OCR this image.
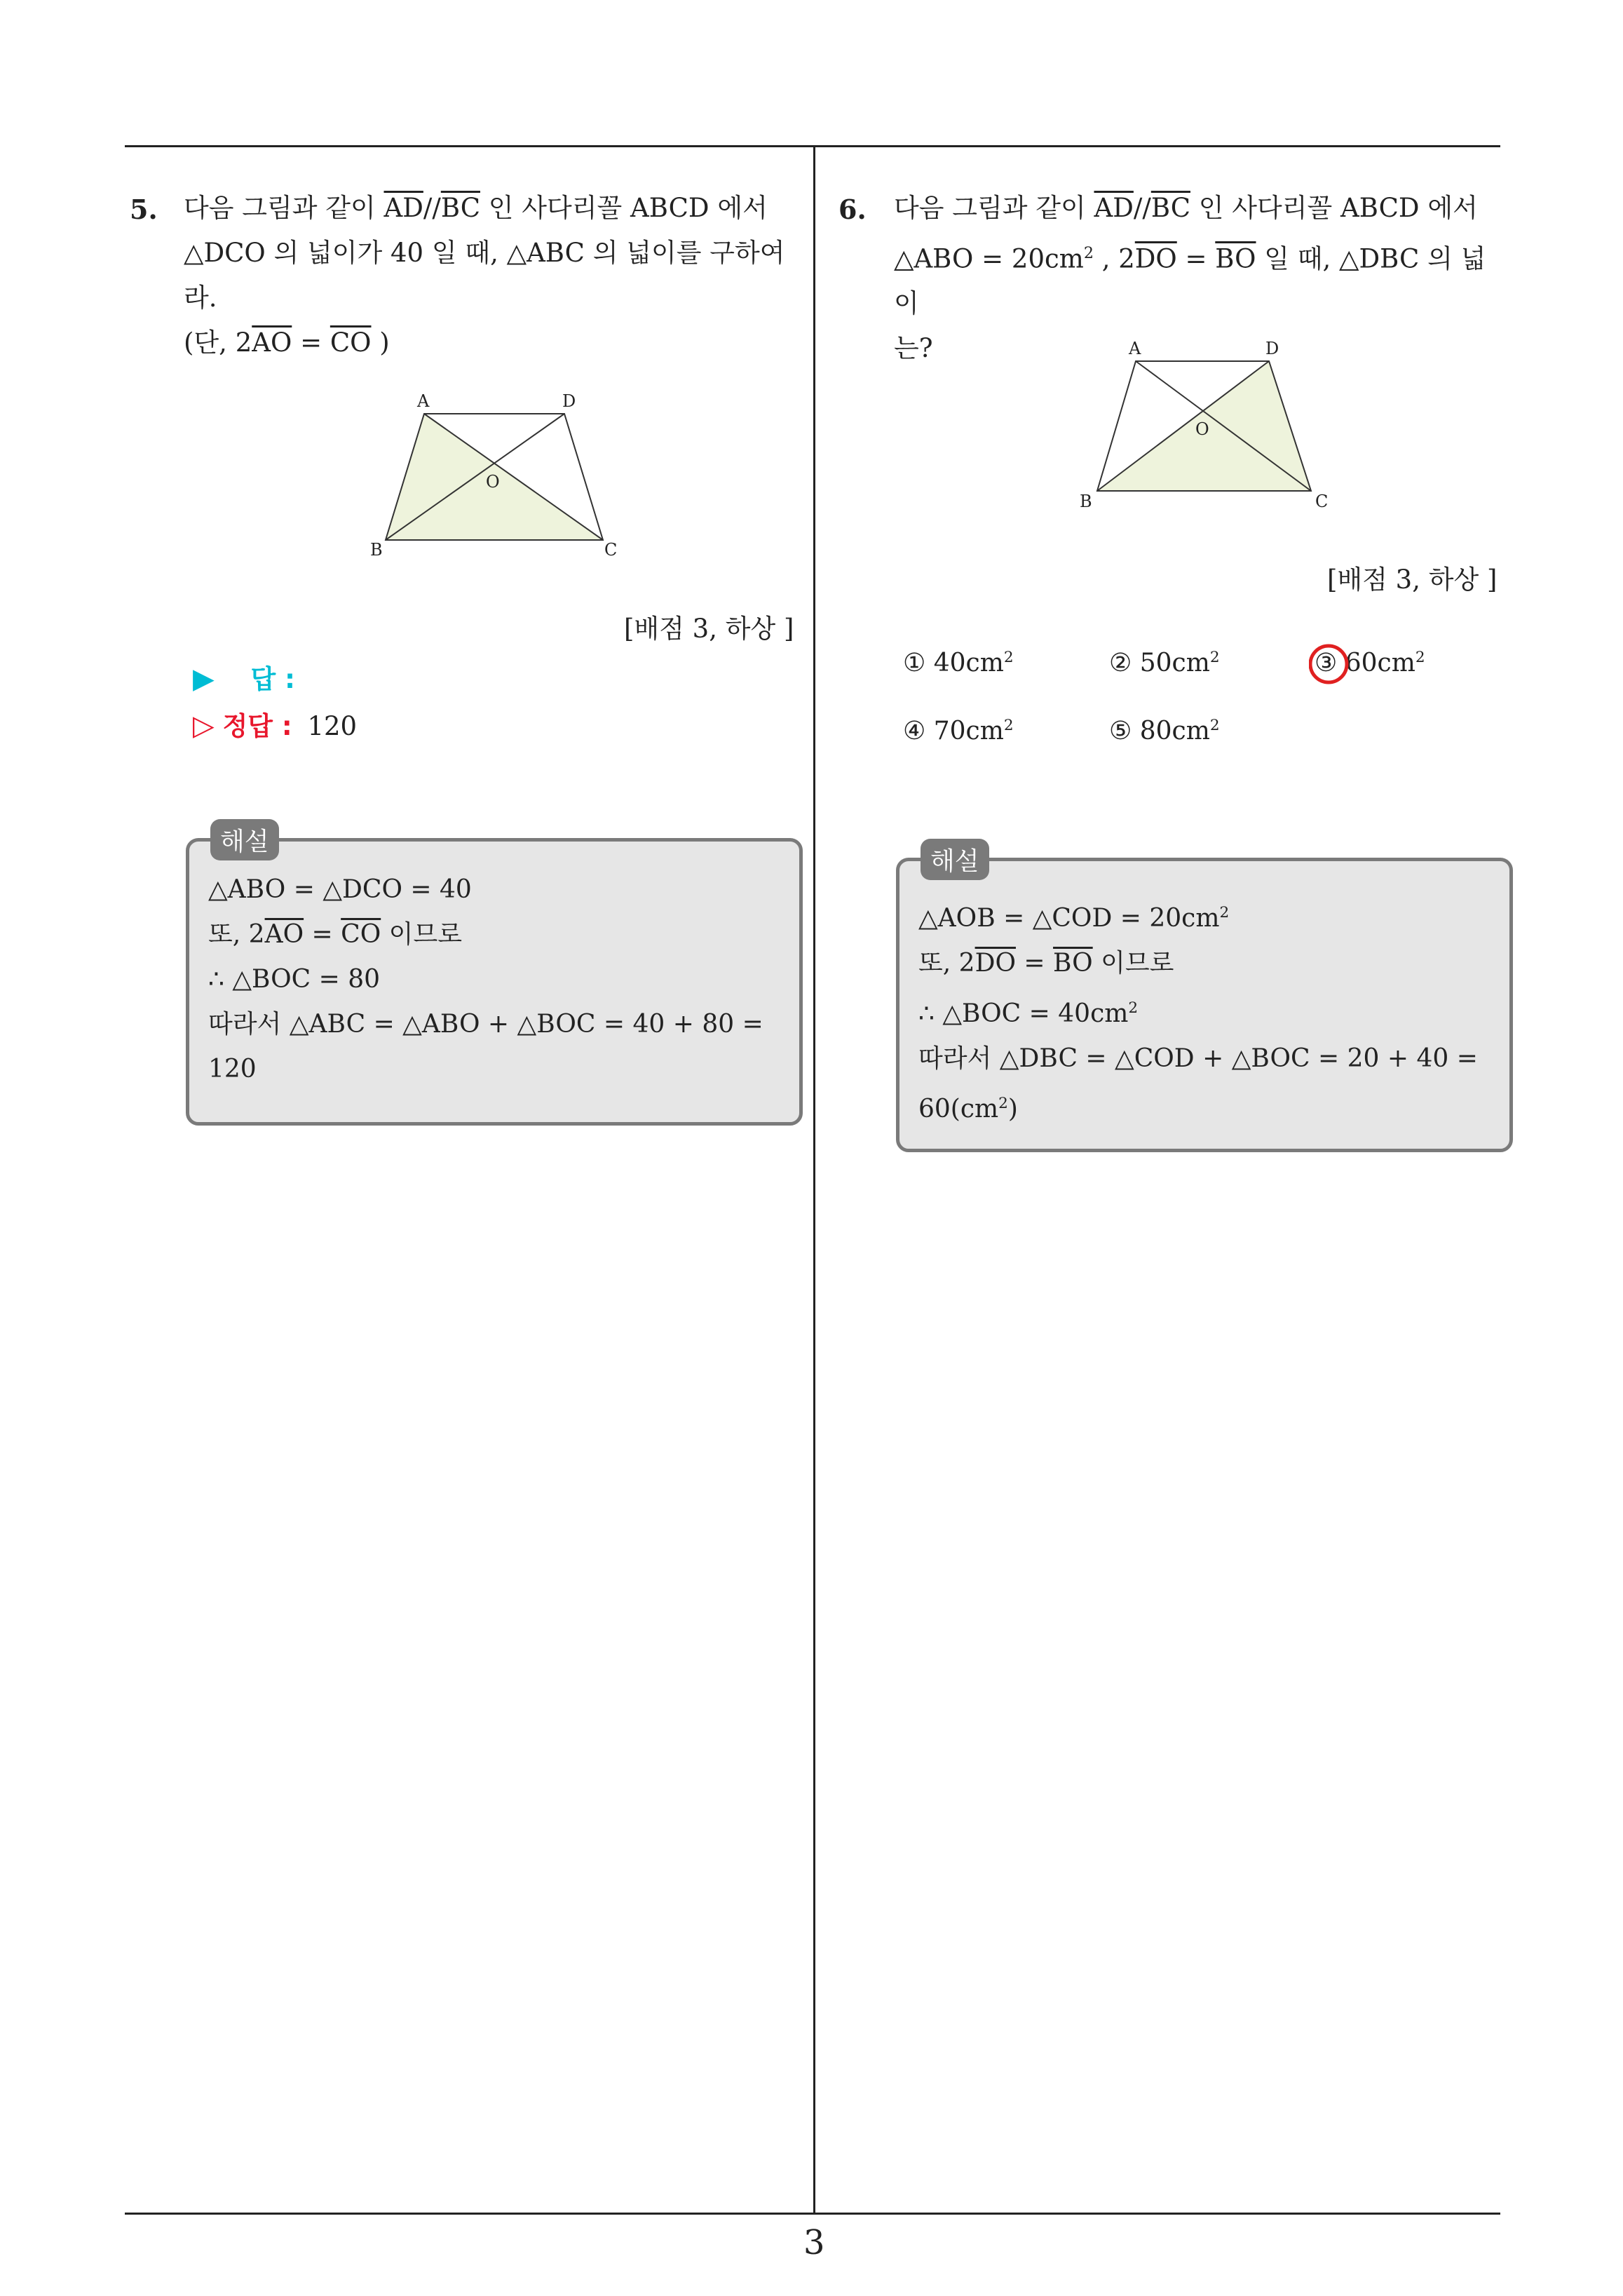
5. 다음 그림과 같이 $\overline{AD}//\overline{BC}$ 인 사다리꼴 ABCD 에서
△DCO 의 넓이가 40 일 때, △ABC 의 넓이를 구하여
라.
(단, $2\overline{AO} = \overline{CO}$ )
A	D
O
B	C
[배점 3, 하상 ]
▶ 답 :
▷ 정답 : 120
해설
△ABO = △DCO = 40
또, $2\overline{AO} = \overline{CO}$ 이므로
∴ △BOC = 80
따라서 △ABC = △ABO + △BOC = 40 + 80 =
120
6. 다음 그림과 같이 $\overline{AD}//\overline{BC}$ 인 사다리꼴 ABCD 에서
△ABO = $20cm^2$ , $2\overline{DO} = \overline{BO}$ 일 때, △DBC 의 넓이
는?	A	D
O
B	C
[배점 3, 하상 ]
① $40cm^2$	② $50cm^2$	③ $60cm^2$
④ $70cm^2$	⑤ $80cm^2$
해설
△AOB = △COD = $20cm^2$
또, $2\overline{DO} = \overline{BO}$ 이므로
∴ △BOC = $40cm^2$
따라서 △DBC = △COD + △BOC = 20 + 40 =
$60(cm^2)$
3
